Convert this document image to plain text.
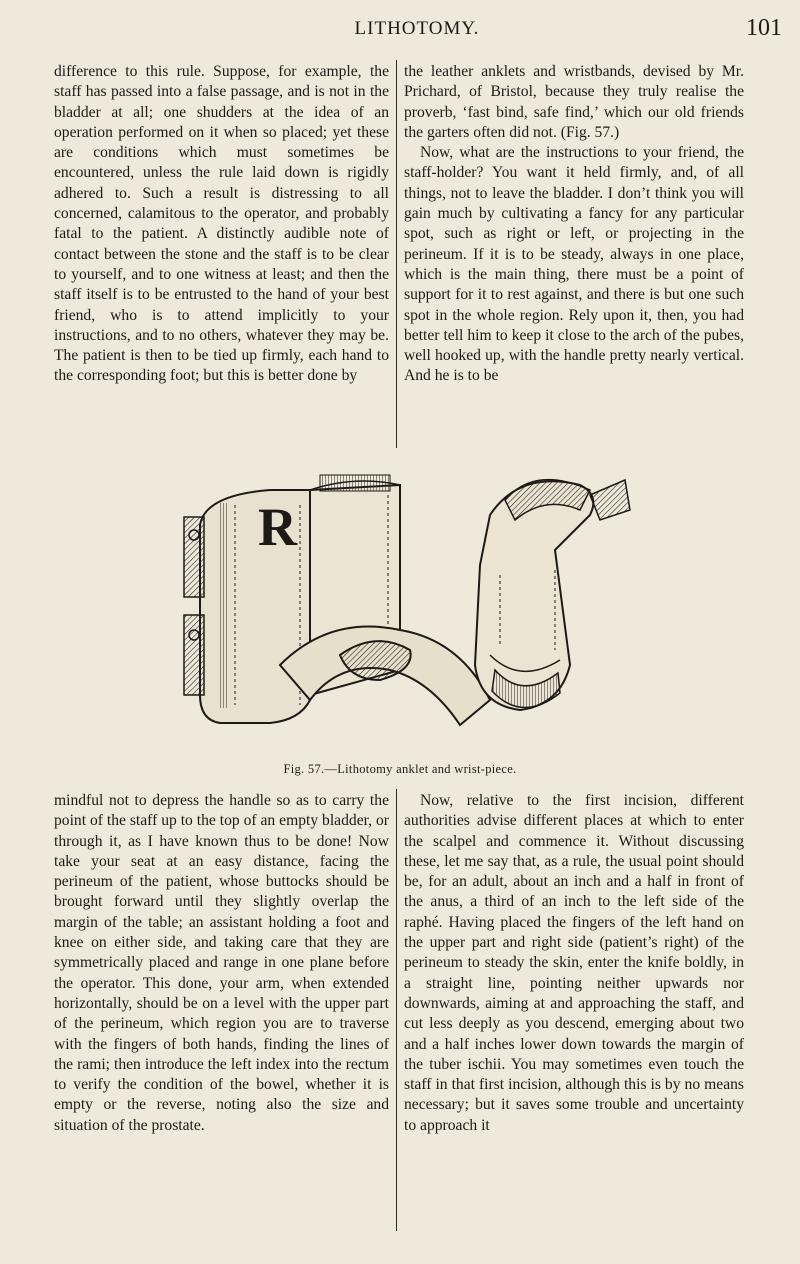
LITHOTOMY.	101

difference to this rule. Suppose, for example, the staff has passed into a false passage, and is not in the bladder at all; one shudders at the idea of an operation performed on it when so placed; yet these are conditions which must sometimes be encountered, unless the rule laid down is rigidly adhered to. Such a result is distressing to all concerned, calamitous to the operator, and probably fatal to the patient. A distinctly audible note of contact between the stone and the staff is to be clear to yourself, and to one witness at least; and then the staff itself is to be entrusted to the hand of your best friend, who is to attend implicitly to your instructions, and to no others, whatever they may be. The patient is then to be tied up firmly, each hand to the corresponding foot; but this is better done by

the leather anklets and wristbands, devised by Mr. Prichard, of Bristol, because they truly realise the proverb, ‘fast bind, safe find,’ which our old friends the garters often did not. (Fig. 57.)

Now, what are the instructions to your friend, the staff-holder? You want it held firmly, and, of all things, not to leave the bladder. I don’t think you will gain much by cultivating a fancy for any particular spot, such as right or left, or projecting in the perineum. If it is to be steady, always in one place, which is the main thing, there must be a point of support for it to rest against, and there is but one such spot in the whole region. Rely upon it, then, you had better tell him to keep it close to the arch of the pubes, well hooked up, with the handle pretty nearly vertical. And he is to be

R
Fig. 57.—Lithotomy anklet and wrist-piece.

mindful not to depress the handle so as to carry the point of the staff up to the top of an empty bladder, or through it, as I have known thus to be done! Now take your seat at an easy distance, facing the perineum of the patient, whose buttocks should be brought forward until they slightly overlap the margin of the table; an assistant holding a foot and knee on either side, and taking care that they are symmetrically placed and range in one plane before the operator. This done, your arm, when extended horizontally, should be on a level with the upper part of the perineum, which region you are to traverse with the fingers of both hands, finding the lines of the rami; then introduce the left index into the rectum to verify the condition of the bowel, whether it is empty or the reverse, noting also the size and situation of the prostate.

Now, relative to the first incision, different authorities advise different places at which to enter the scalpel and commence it. Without discussing these, let me say that, as a rule, the usual point should be, for an adult, about an inch and a half in front of the anus, a third of an inch to the left side of the raphé. Having placed the fingers of the left hand on the upper part and right side (patient’s right) of the perineum to steady the skin, enter the knife boldly, in a straight line, pointing neither upwards nor downwards, aiming at and approaching the staff, and cut less deeply as you descend, emerging about two and a half inches lower down towards the margin of the tuber ischii. You may sometimes even touch the staff in that first incision, although this is by no means necessary; but it saves some trouble and uncertainty to approach it
